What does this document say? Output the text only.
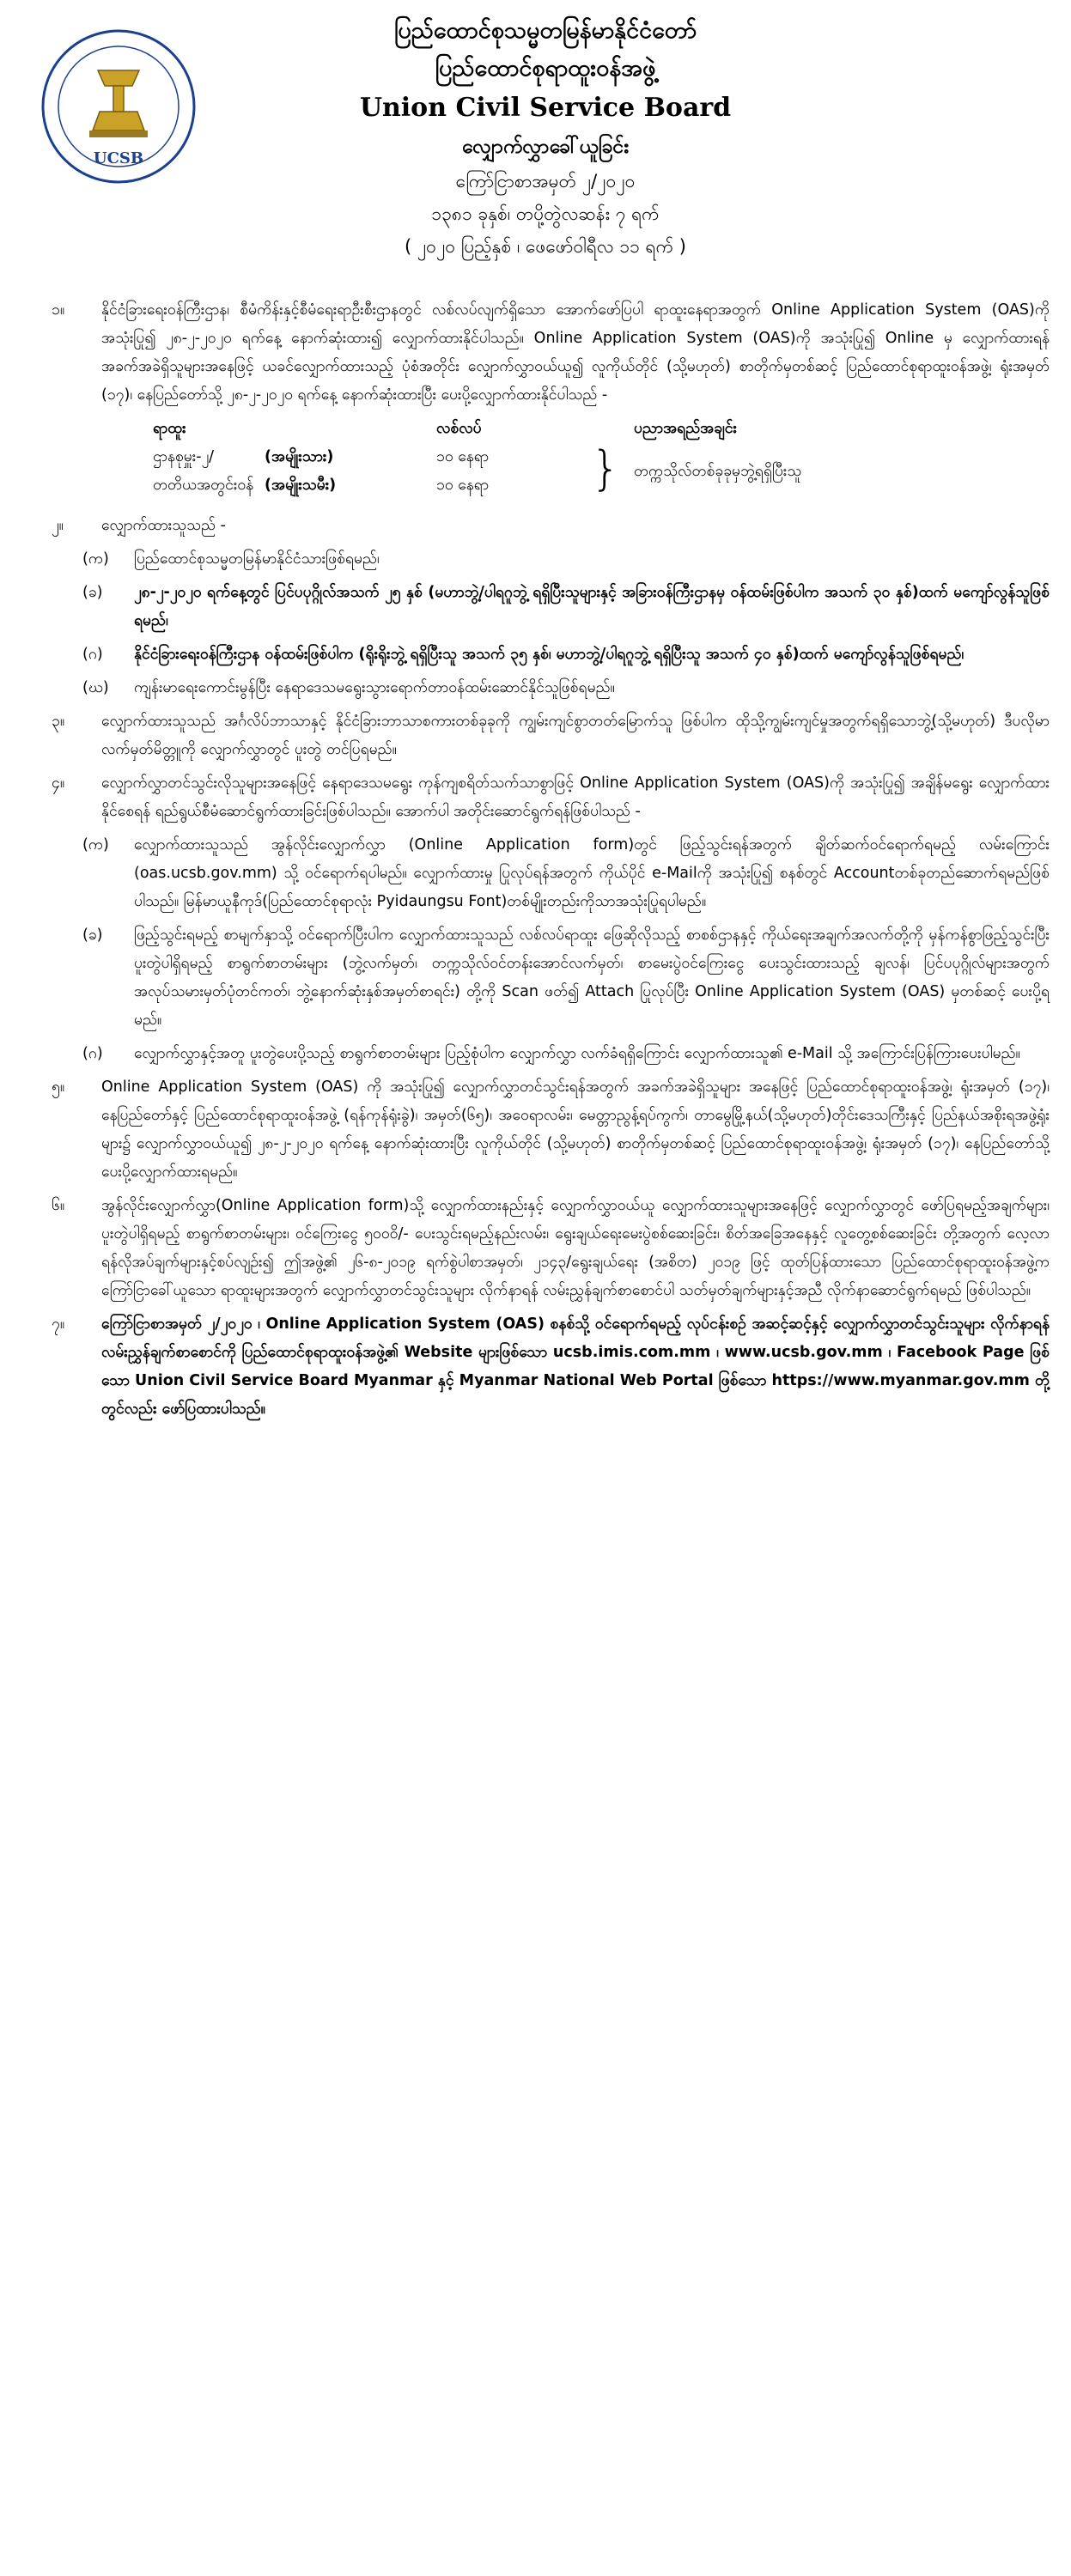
UCSB
ပြည်ထောင်စုသမ္မတမြန်မာနိုင်ငံတော်
ပြည်ထောင်စုရာထူးဝန်အဖွဲ့
Union Civil Service Board
လျှောက်လွှာခေါ်ယူခြင်း
ကြော်ငြာစာအမှတ် ၂/၂၀၂၀
၁၃၈၁ ခုနှစ်၊ တပို့တွဲလဆန်း ၇ ရက်
( ၂၀၂၀ ပြည့်နှစ် ၊ ဖေဖော်ဝါရီလ ၁၁ ရက် )
၁။	နိုင်ငံခြားရေးဝန်ကြီးဌာန၊ စီမံကိန်းနှင့်စီမံရေးရာဦးစီးဌာနတွင် လစ်လပ်လျက်ရှိသော အောက်ဖော်ပြပါ ရာထူးနေရာအတွက် Online Application System (OAS)ကို အသုံးပြု၍ ၂၈-၂-၂၀၂၀ ရက်နေ့ နောက်ဆုံးထား၍ လျှောက်ထားနိုင်ပါသည်။ Online Application System (OAS)ကို အသုံးပြု၍ Online မှ လျှောက်ထားရန် အခက်အခဲရှိသူများအနေဖြင့် ယခင်လျှောက်ထားသည့် ပုံစံအတိုင်း လျှောက်လွှာဝယ်ယူ၍ လူကိုယ်တိုင် (သို့မဟုတ်) စာတိုက်မှတစ်ဆင့် ပြည်ထောင်စုရာထူးဝန်အဖွဲ့၊ ရုံးအမှတ် (၁၇)၊ နေပြည်တော်သို့ ၂၈-၂-၂၀၂၀ ရက်နေ့ နောက်ဆုံးထားပြီး ပေးပို့လျှောက်ထားနိုင်ပါသည် -
ရာထူး	လစ်လပ်	ပညာအရည်အချင်း
ဌာနစုမှူး-၂/	(အမျိုးသား)	၁၀ နေရာ	} တက္ကသိုလ်တစ်ခုခုမှဘွဲ့ရရှိပြီးသူ
တတိယအတွင်းဝန် (အမျိုးသမီး)	၁၀ နေရာ
၂။	လျှောက်ထားသူသည် -
(က)	ပြည်ထောင်စုသမ္မတမြန်မာနိုင်ငံသားဖြစ်ရမည်၊
(ခ)	၂၈-၂-၂၀၂၀ ရက်နေ့တွင် ပြင်ပပုဂ္ဂိုလ်အသက် ၂၅ နှစ် (မဟာဘွဲ့/ပါရဂူဘွဲ့ ရရှိပြီးသူများနှင့် အခြားဝန်ကြီးဌာနမှ ဝန်ထမ်းဖြစ်ပါက အသက် ၃၀ နှစ်)ထက် မကျော်လွန်သူဖြစ်ရမည်၊
(ဂ)	နိုင်ငံခြားရေးဝန်ကြီးဌာန ဝန်ထမ်းဖြစ်ပါက (ရိုးရိုးဘွဲ့ ရရှိပြီးသူ အသက် ၃၅ နှစ်၊ မဟာဘွဲ့/ပါရဂူဘွဲ့ ရရှိပြီးသူ အသက် ၄၀ နှစ်)ထက် မကျော်လွန်သူဖြစ်ရမည်၊
(ဃ)	ကျန်းမာရေးကောင်းမွန်ပြီး နေရာဒေသမရွေးသွားရောက်တာဝန်ထမ်းဆောင်နိုင်သူဖြစ်ရမည်။
၃။	လျှောက်ထားသူသည် အင်္ဂလိပ်ဘာသာနှင့် နိုင်ငံခြားဘာသာစကားတစ်ခုခုကို ကျွမ်းကျင်စွာတတ်မြောက်သူ ဖြစ်ပါက ထိုသို့ကျွမ်းကျင်မှုအတွက်ရရှိသောဘွဲ့(သို့မဟုတ်) ဒီပလိုမာလက်မှတ်မိတ္တူကို လျှောက်လွှာတွင် ပူးတွဲ တင်ပြရမည်။
၄။	လျှောက်လွှာတင်သွင်းလိုသူများအနေဖြင့် နေရာဒေသမရွေး ကုန်ကျစရိတ်သက်သာစွာဖြင့် Online Application System (OAS)ကို အသုံးပြု၍ အချိန်မရွေး လျှောက်ထားနိုင်စေရန် ရည်ရွယ်စီမံဆောင်ရွက်ထားခြင်းဖြစ်ပါသည်။ အောက်ပါ အတိုင်းဆောင်ရွက်ရန်ဖြစ်ပါသည် -
(က)	လျှောက်ထားသူသည် အွန်လိုင်းလျှောက်လွှာ (Online Application form)တွင် ဖြည့်သွင်းရန်အတွက် ချိတ်ဆက်ဝင်ရောက်ရမည့် လမ်းကြောင်း (oas.ucsb.gov.mm) သို့ ဝင်ရောက်ရပါမည်။ လျှောက်ထားမှု ပြုလုပ်ရန်အတွက် ကိုယ်ပိုင် e-Mailကို အသုံးပြု၍ စနစ်တွင် Accountတစ်ခုတည်ဆောက်ရမည်ဖြစ်ပါသည်။ မြန်မာယူနီကုဒ်(ပြည်ထောင်စုရာလုံး Pyidaungsu Font)တစ်မျိုးတည်းကိုသာအသုံးပြုရပါမည်။
(ခ)	ဖြည့်သွင်းရမည့် စာမျက်နှာသို့ ဝင်ရောက်ပြီးပါက လျှောက်ထားသူသည် လစ်လပ်ရာထူး ဖြေဆိုလိုသည့် စာစစ်ဌာနနှင့် ကိုယ်ရေးအချက်အလက်တို့ကို မှန်ကန်စွာဖြည့်သွင်းပြီး ပူးတွဲပါရှိရမည့် စာရွက်စာတမ်းများ (ဘွဲ့လက်မှတ်၊ တက္ကသိုလ်ဝင်တန်းအောင်လက်မှတ်၊ စာမေးပွဲဝင်ကြေးငွေ ပေးသွင်းထားသည့် ချလန်၊ ပြင်ပပုဂ္ဂိုလ်များအတွက် အလုပ်သမားမှတ်ပုံတင်ကတ်၊ ဘွဲ့နောက်ဆုံးနှစ်အမှတ်စာရင်း) တို့ကို Scan ဖတ်၍ Attach ပြုလုပ်ပြီး Online Application System (OAS) မှတစ်ဆင့် ပေးပို့ရမည်။
(ဂ)	လျှောက်လွှာနှင့်အတူ ပူးတွဲပေးပို့သည့် စာရွက်စာတမ်းများ ပြည့်စုံပါက လျှောက်လွှာ လက်ခံရရှိကြောင်း လျှောက်ထားသူ၏ e-Mail သို့ အကြောင်းပြန်ကြားပေးပါမည်။
၅။	Online Application System (OAS) ကို အသုံးပြု၍ လျှောက်လွှာတင်သွင်းရန်အတွက် အခက်အခဲရှိသူများ အနေဖြင့် ပြည်ထောင်စုရာထူးဝန်အဖွဲ့၊ ရုံးအမှတ် (၁၇)၊ နေပြည်တော်နှင့် ပြည်ထောင်စုရာထူးဝန်အဖွဲ့ (ရန်ကုန်ရုံးခွဲ)၊ အမှတ်(၆၅)၊ အဝေရာလမ်း၊ မေတ္တာညွန့်ရပ်ကွက်၊ တာမွေမြို့နယ်(သို့မဟုတ်)တိုင်းဒေသကြီးနှင့် ပြည်နယ်အစိုးရအဖွဲ့ရုံးများ၌ လျှောက်လွှာဝယ်ယူ၍ ၂၈-၂-၂၀၂၀ ရက်နေ့ နောက်ဆုံးထားပြီး လူကိုယ်တိုင် (သို့မဟုတ်) စာတိုက်မှတစ်ဆင့် ပြည်ထောင်စုရာထူးဝန်အဖွဲ့၊ ရုံးအမှတ် (၁၇)၊ နေပြည်တော်သို့ ပေးပို့လျှောက်ထားရမည်။
၆။	အွန်လိုင်းလျှောက်လွှာ(Online Application form)သို့ လျှောက်ထားနည်းနှင့် လျှောက်လွှာဝယ်ယူ လျှောက်ထားသူများအနေဖြင့် လျှောက်လွှာတွင် ဖော်ပြရမည့်အချက်များ၊ ပူးတွဲပါရှိရမည့် စာရွက်စာတမ်းများ၊ ဝင်ကြေးငွေ ၅၀၀၀ိ/- ပေးသွင်းရမည့်နည်းလမ်း၊ ရွေးချယ်ရေးမေးပွဲစစ်ဆေးခြင်း၊ စိတ်အခြေအနေနှင့် လူတွေ့စစ်ဆေးခြင်း တို့အတွက် လေ့လာရန်လိုအပ်ချက်များနှင့်စပ်လျဉ်း၍ ဤအဖွဲ့၏ ၂၆-၈-၂၀၁၉ ရက်စွဲပါစာအမှတ်၊ ၂၁၄၃/ရွေးချယ်ရေး (အစိတ) ၂၀၁၉ ဖြင့် ထုတ်ပြန်ထားသော ပြည်ထောင်စုရာထူးဝန်အဖွဲ့က ကြော်ငြာခေါ်ယူသော ရာထူးများအတွက် လျှောက်လွှာတင်သွင်းသူများ လိုက်နာရန် လမ်းညွှန်ချက်စာစောင်ပါ သတ်မှတ်ချက်များနှင့်အညီ လိုက်နာဆောင်ရွက်ရမည် ဖြစ်ပါသည်။
၇။	ကြော်ငြာစာအမှတ် ၂/၂၀၂၀ ၊ Online Application System (OAS) စနစ်သို့ ဝင်ရောက်ရမည့် လုပ်ငန်းစဉ် အဆင့်ဆင့်နှင့် လျှောက်လွှာတင်သွင်းသူများ လိုက်နာရန် လမ်းညွှန်ချက်စာစောင်ကို ပြည်ထောင်စုရာထူးဝန်အဖွဲ့၏ Website များဖြစ်သော ucsb.imis.com.mm ၊ www.ucsb.gov.mm ၊ Facebook Page ဖြစ်သော Union Civil Service Board Myanmar နှင့် Myanmar National Web Portal ဖြစ်သော https://www.myanmar.gov.mm တို့တွင်လည်း ဖော်ပြထားပါသည်။
